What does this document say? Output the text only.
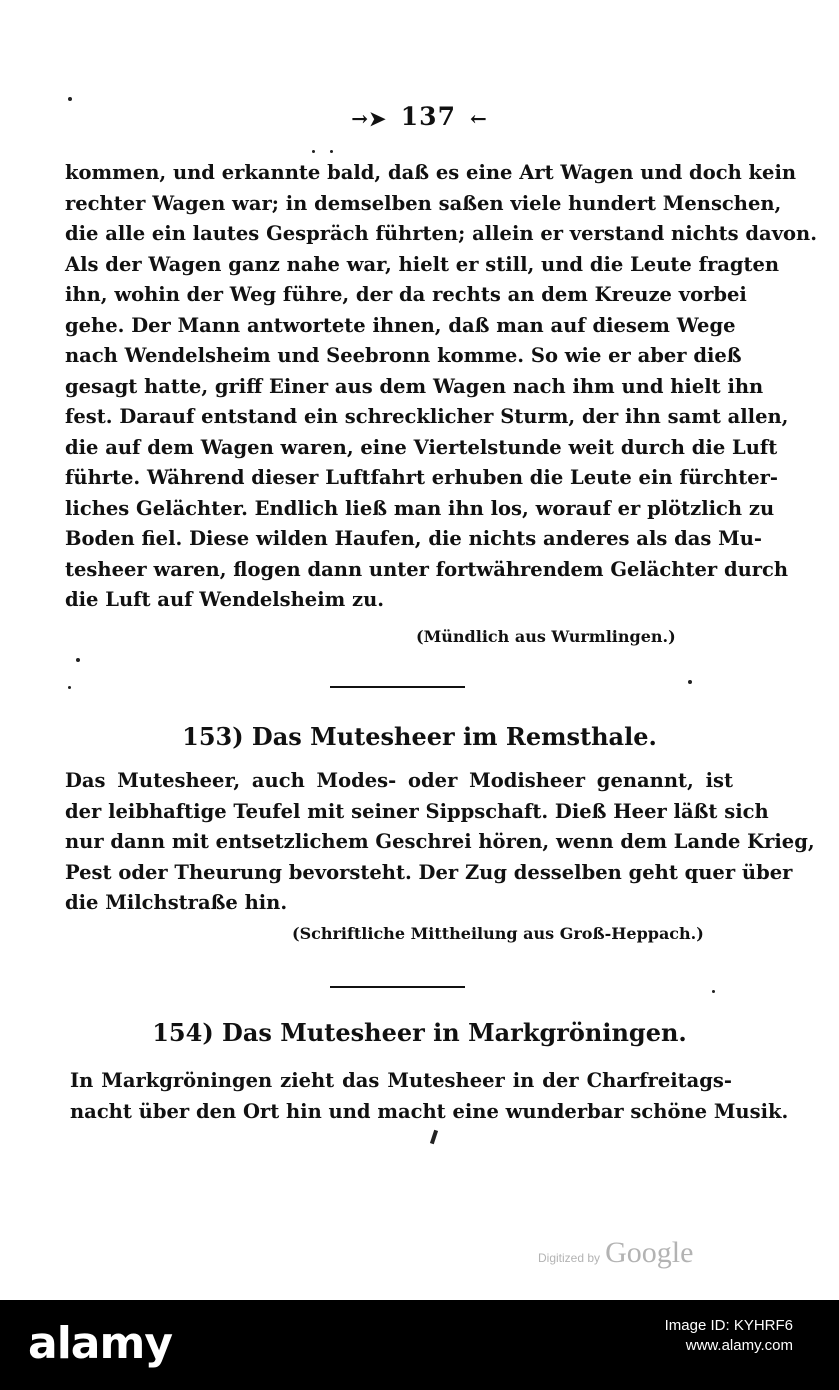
→➤ 137 ←
kommen, und erkannte bald, daß es eine Art Wagen und doch kein
rechter Wagen war; in demselben saßen viele hundert Menschen,
die alle ein lautes Gespräch führten; allein er verstand nichts davon.
Als der Wagen ganz nahe war, hielt er still, und die Leute fragten
ihn, wohin der Weg führe, der da rechts an dem Kreuze vorbei
gehe. Der Mann antwortete ihnen, daß man auf diesem Wege
nach Wendelsheim und Seebronn komme. So wie er aber dieß
gesagt hatte, griff Einer aus dem Wagen nach ihm und hielt ihn
fest. Darauf entstand ein schrecklicher Sturm, der ihn samt allen,
die auf dem Wagen waren, eine Viertelstunde weit durch die Luft
führte. Während dieser Luftfahrt erhuben die Leute ein fürchter-
liches Gelächter. Endlich ließ man ihn los, worauf er plötzlich zu
Boden fiel. Diese wilden Haufen, die nichts anderes als das Mu-
tesheer waren, flogen dann unter fortwährendem Gelächter durch
die Luft auf Wendelsheim zu.
(Mündlich aus Wurmlingen.)
153) Das Mutesheer im Remsthale.
Das Mutesheer, auch Modes- oder Modisheer genannt, ist
der leibhaftige Teufel mit seiner Sippschaft. Dieß Heer läßt sich
nur dann mit entsetzlichem Geschrei hören, wenn dem Lande Krieg,
Pest oder Theurung bevorsteht. Der Zug desselben geht quer über
die Milchstraße hin.
(Schriftliche Mittheilung aus Groß-Heppach.)
154) Das Mutesheer in Markgröningen.
In Markgröningen zieht das Mutesheer in der Charfreitags-
nacht über den Ort hin und macht eine wunderbar schöne Musik.
Digitized by Google
alamy	Image ID: KYHRF6
www.alamy.com
